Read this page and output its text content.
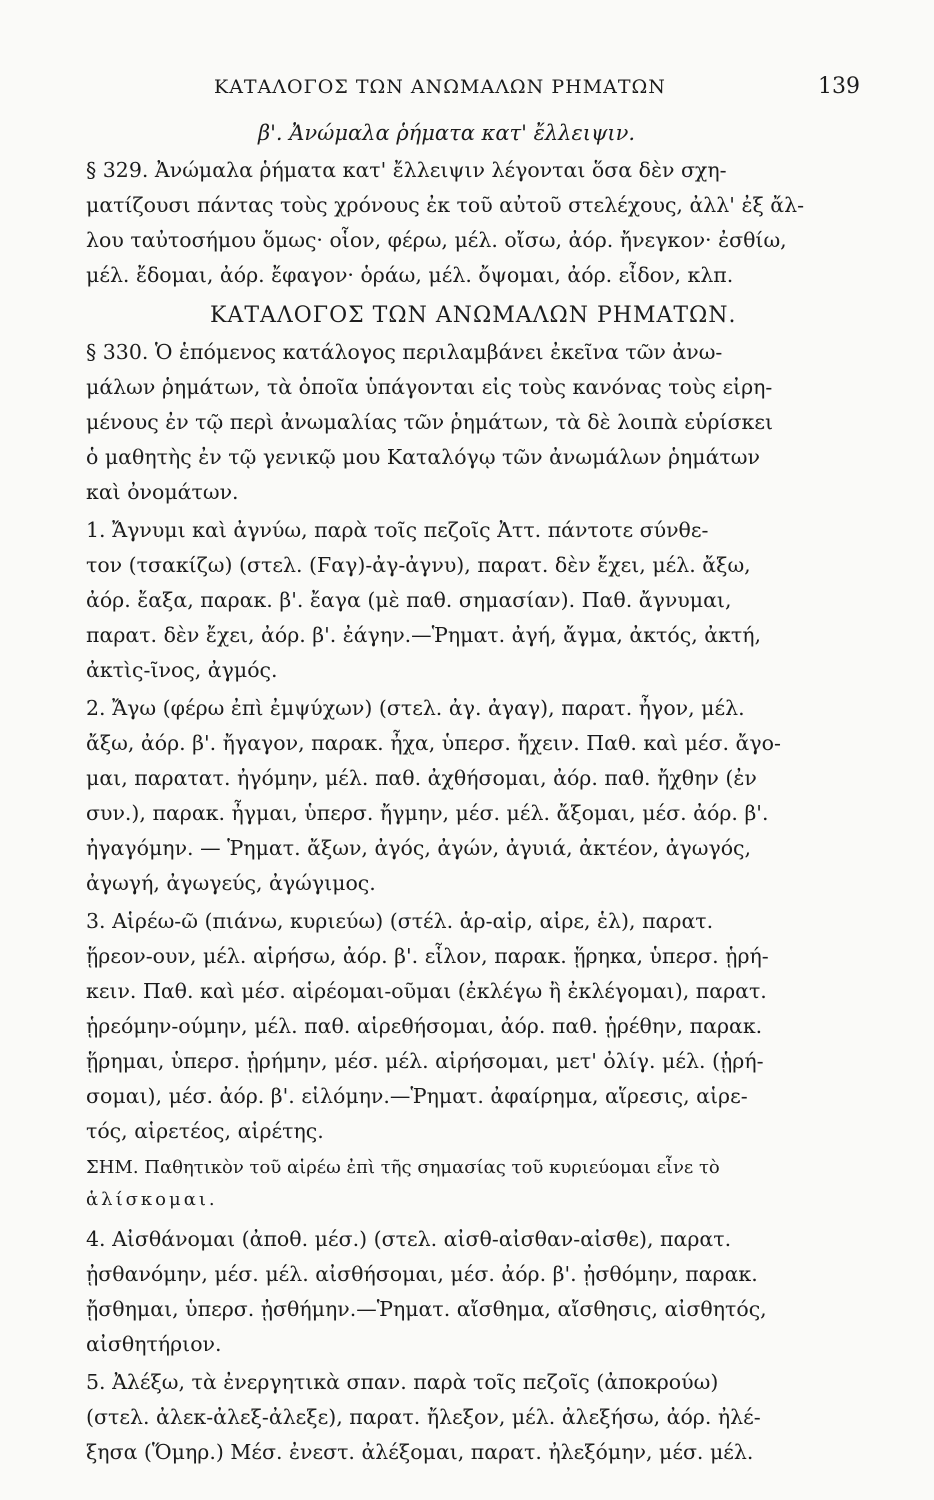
ΚΑΤΑΛΟΓΟΣ ΤΩΝ ΑΝΩΜΑΛΩΝ ΡΗΜΑΤΩΝ	139
β'. Ἀνώμαλα ῥήματα κατ' ἔλλειψιν.
§ 329. Ἀνώμαλα ῥήματα κατ' ἔλλειψιν λέγονται ὅσα δὲν σχη-
ματίζουσι πάντας τοὺς χρόνους ἐκ τοῦ αὐτοῦ στελέχους, ἀλλ' ἐξ ἄλ-
λου ταὐτοσήμου ὅμως· οἷον, φέρω, μέλ. οἴσω, ἀόρ. ἤνεγκον· ἐσθίω,
μέλ. ἔδομαι, ἀόρ. ἔφαγον· ὁράω, μέλ. ὄψομαι, ἀόρ. εἶδον, κλπ.
ΚΑΤΑΛΟΓΟΣ ΤΩΝ ΑΝΩΜΑΛΩΝ ΡΗΜΑΤΩΝ.
§ 330. Ὁ ἑπόμενος κατάλογος περιλαμβάνει ἐκεῖνα τῶν ἀνω-
μάλων ῥημάτων, τὰ ὁποῖα ὑπάγονται εἰς τοὺς κανόνας τοὺς εἰρη-
μένους ἐν τῷ περὶ ἀνωμαλίας τῶν ῥημάτων, τὰ δὲ λοιπὰ εὑρίσκει
ὁ μαθητὴς ἐν τῷ γενικῷ μου Καταλόγῳ τῶν ἀνωμάλων ῥημάτων
καὶ ὀνομάτων.
1. Ἄγνυμι καὶ ἀγνύω, παρὰ τοῖς πεζοῖς Ἀττ. πάντοτε σύνθε-
τον (τσακίζω) (στελ. (Ϝαγ)-ἀγ-ἀγνυ), παρατ. δὲν ἔχει, μέλ. ἄξω,
ἀόρ. ἔαξα, παρακ. β'. ἔαγα (μὲ παθ. σημασίαν). Παθ. ἄγνυμαι,
παρατ. δὲν ἔχει, ἀόρ. β'. ἐάγην.—Ῥηματ. ἀγή, ἄγμα, ἀκτός, ἀκτή,
ἀκτὶς-ῖνος, ἀγμός.
2. Ἄγω (φέρω ἐπὶ ἐμψύχων) (στελ. ἀγ. ἀγαγ), παρατ. ἦγον, μέλ.
ἄξω, ἀόρ. β'. ἤγαγον, παρακ. ἦχα, ὑπερσ. ἤχειν. Παθ. καὶ μέσ. ἄγο-
μαι, παρατατ. ἠγόμην, μέλ. παθ. ἀχθήσομαι, ἀόρ. παθ. ἤχθην (ἐν
συν.), παρακ. ἦγμαι, ὑπερσ. ἤγμην, μέσ. μέλ. ἄξομαι, μέσ. ἀόρ. β'.
ἠγαγόμην. — Ῥηματ. ἄξων, ἀγός, ἀγών, ἀγυιά, ἀκτέον, ἀγωγός,
ἀγωγή, ἀγωγεύς, ἀγώγιμος.
3. Αἱρέω-ῶ (πιάνω, κυριεύω) (στέλ. ἁρ-αἱρ, αἱρε, ἑλ), παρατ.
ᾕρεον-ουν, μέλ. αἱρήσω, ἀόρ. β'. εἷλον, παρακ. ᾕρηκα, ὑπερσ. ᾑρή-
κειν. Παθ. καὶ μέσ. αἱρέομαι-οῦμαι (ἐκλέγω ἢ ἐκλέγομαι), παρατ.
ᾑρεόμην-ούμην, μέλ. παθ. αἱρεθήσομαι, ἀόρ. παθ. ᾑρέθην, παρακ.
ᾕρημαι, ὑπερσ. ᾑρήμην, μέσ. μέλ. αἱρήσομαι, μετ' ὀλίγ. μέλ. (ᾑρή-
σομαι), μέσ. ἀόρ. β'. εἱλόμην.—Ῥηματ. ἀφαίρημα, αἵρεσις, αἱρε-
τός, αἱρετέος, αἱρέτης.
ΣΗΜ. Παθητικὸν τοῦ αἱρέω ἐπὶ τῆς σημασίας τοῦ κυριεύομαι εἶνε τὸ
ἁλίσκομαι.
4. Αἰσθάνομαι (ἀποθ. μέσ.) (στελ. αἰσθ-αἰσθαν-αἰσθε), παρατ.
ᾐσθανόμην, μέσ. μέλ. αἰσθήσομαι, μέσ. ἀόρ. β'. ᾐσθόμην, παρακ.
ᾔσθημαι, ὑπερσ. ᾐσθήμην.—Ῥηματ. αἴσθημα, αἴσθησις, αἰσθητός,
αἰσθητήριον.
5. Ἀλέξω, τὰ ἐνεργητικὰ σπαν. παρὰ τοῖς πεζοῖς (ἀποκρούω)
(στελ. ἀλεκ-ἀλεξ-ἀλεξε), παρατ. ἤλεξον, μέλ. ἀλεξήσω, ἀόρ. ἠλέ-
ξησα (Ὅμηρ.) Μέσ. ἐνεστ. ἀλέξομαι, παρατ. ἠλεξόμην, μέσ. μέλ.
